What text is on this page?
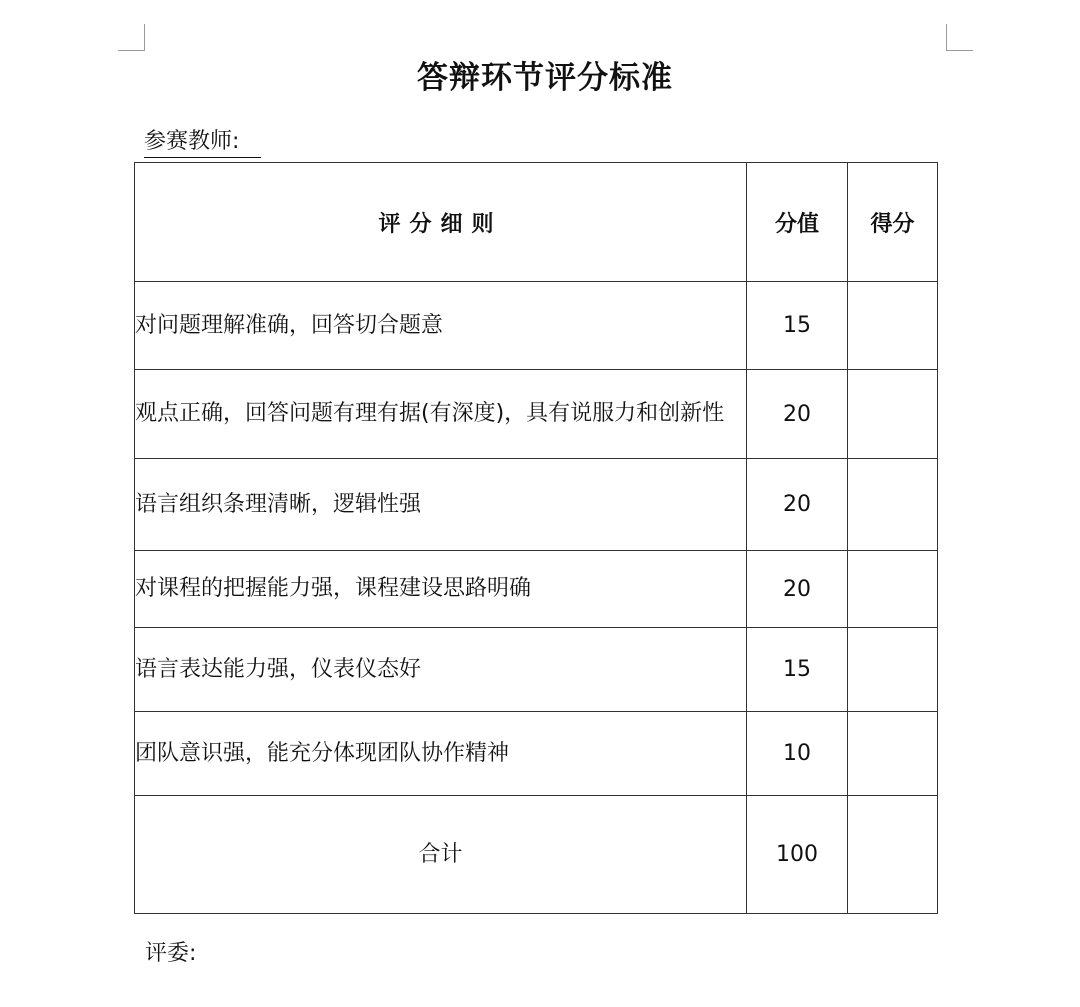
答辩环节评分标准
参赛教师:
评分细则	分值	得分
对问题理解准确，回答切合题意	15	
观点正确，回答问题有理有据(有深度)，具有说服力和创新性	20	
语言组织条理清晰，逻辑性强	20	
对课程的把握能力强，课程建设思路明确	20	
语言表达能力强，仪表仪态好	15	
团队意识强，能充分体现团队协作精神	10	
合计	100	
评委:
